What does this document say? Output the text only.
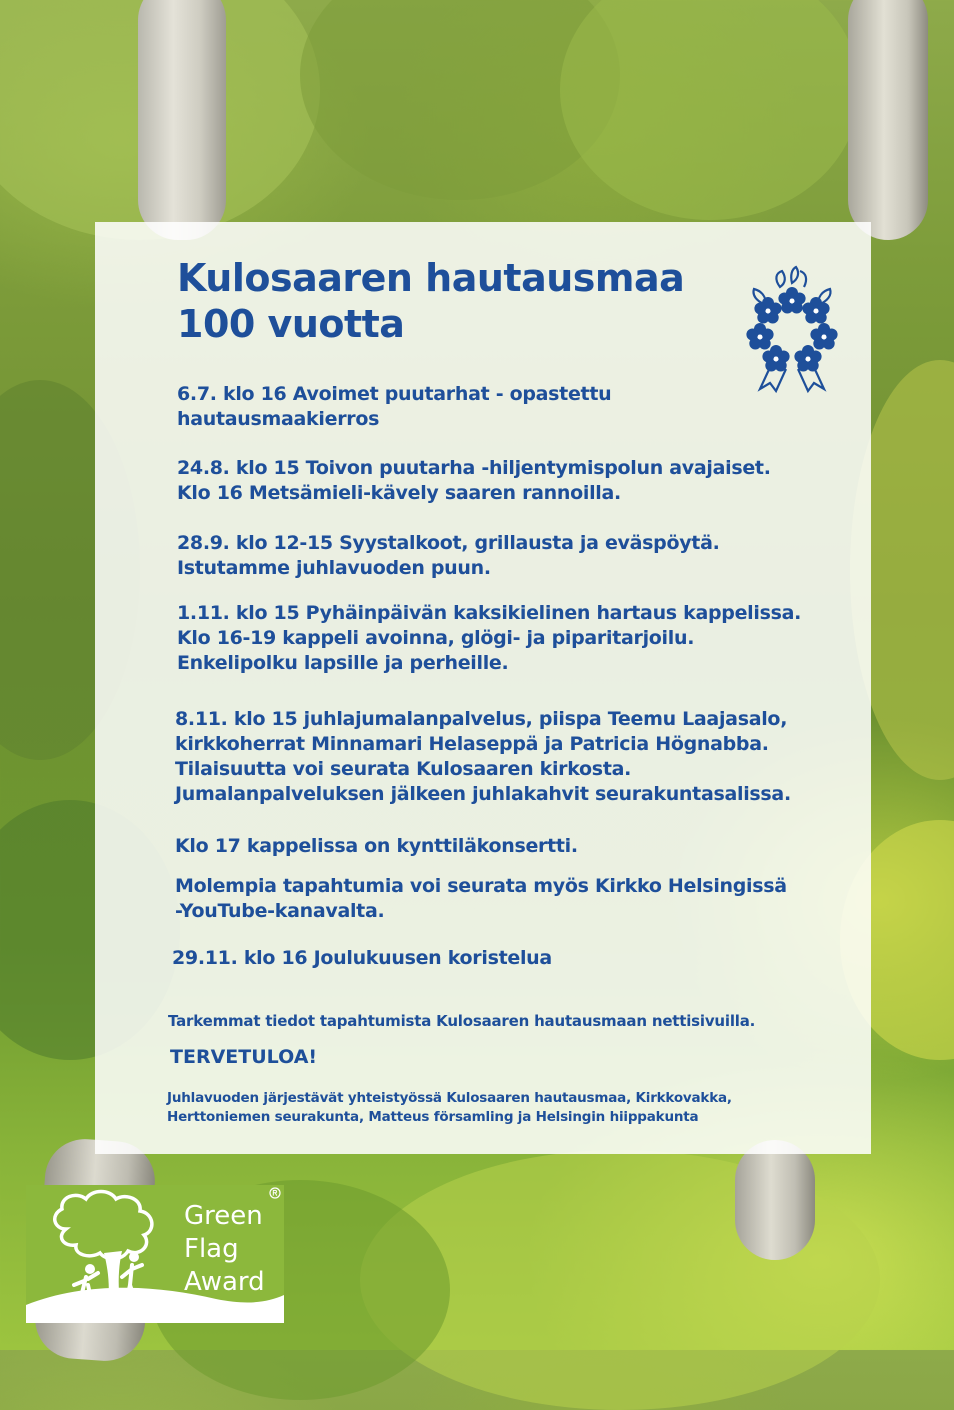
Kulosaaren hautausmaa
100 vuotta
6.7. klo 16 Avoimet puutarhat - opastettu
hautausmaakierros
24.8. klo 15 Toivon puutarha -hiljentymispolun avajaiset.
Klo 16 Metsämieli-kävely saaren rannoilla.
28.9. klo 12-15 Syystalkoot, grillausta ja eväspöytä.
Istutamme juhlavuoden puun.
1.11. klo 15 Pyhäinpäivän kaksikielinen hartaus kappelissa.
Klo 16-19 kappeli avoinna, glögi- ja piparitarjoilu.
Enkelipolku lapsille ja perheille.
8.11. klo 15 juhlajumalanpalvelus, piispa Teemu Laajasalo,
kirkkoherrat Minnamari Helaseppä ja Patricia Högnabba.
Tilaisuutta voi seurata Kulosaaren kirkosta.
Jumalanpalveluksen jälkeen juhlakahvit seurakuntasalissa.
Klo 17 kappelissa on kynttiläkonsertti.
Molempia tapahtumia voi seurata myös Kirkko Helsingissä
-YouTube-kanavalta.
29.11. klo 16 Joulukuusen koristelua
Tarkemmat tiedot tapahtumista Kulosaaren hautausmaan nettisivuilla.
TERVETULOA!
Juhlavuoden järjestävät yhteistyössä Kulosaaren hautausmaa, Kirkkovakka,
Herttoniemen seurakunta, Matteus församling ja Helsingin hiippakunta

Green

Flag

Award
